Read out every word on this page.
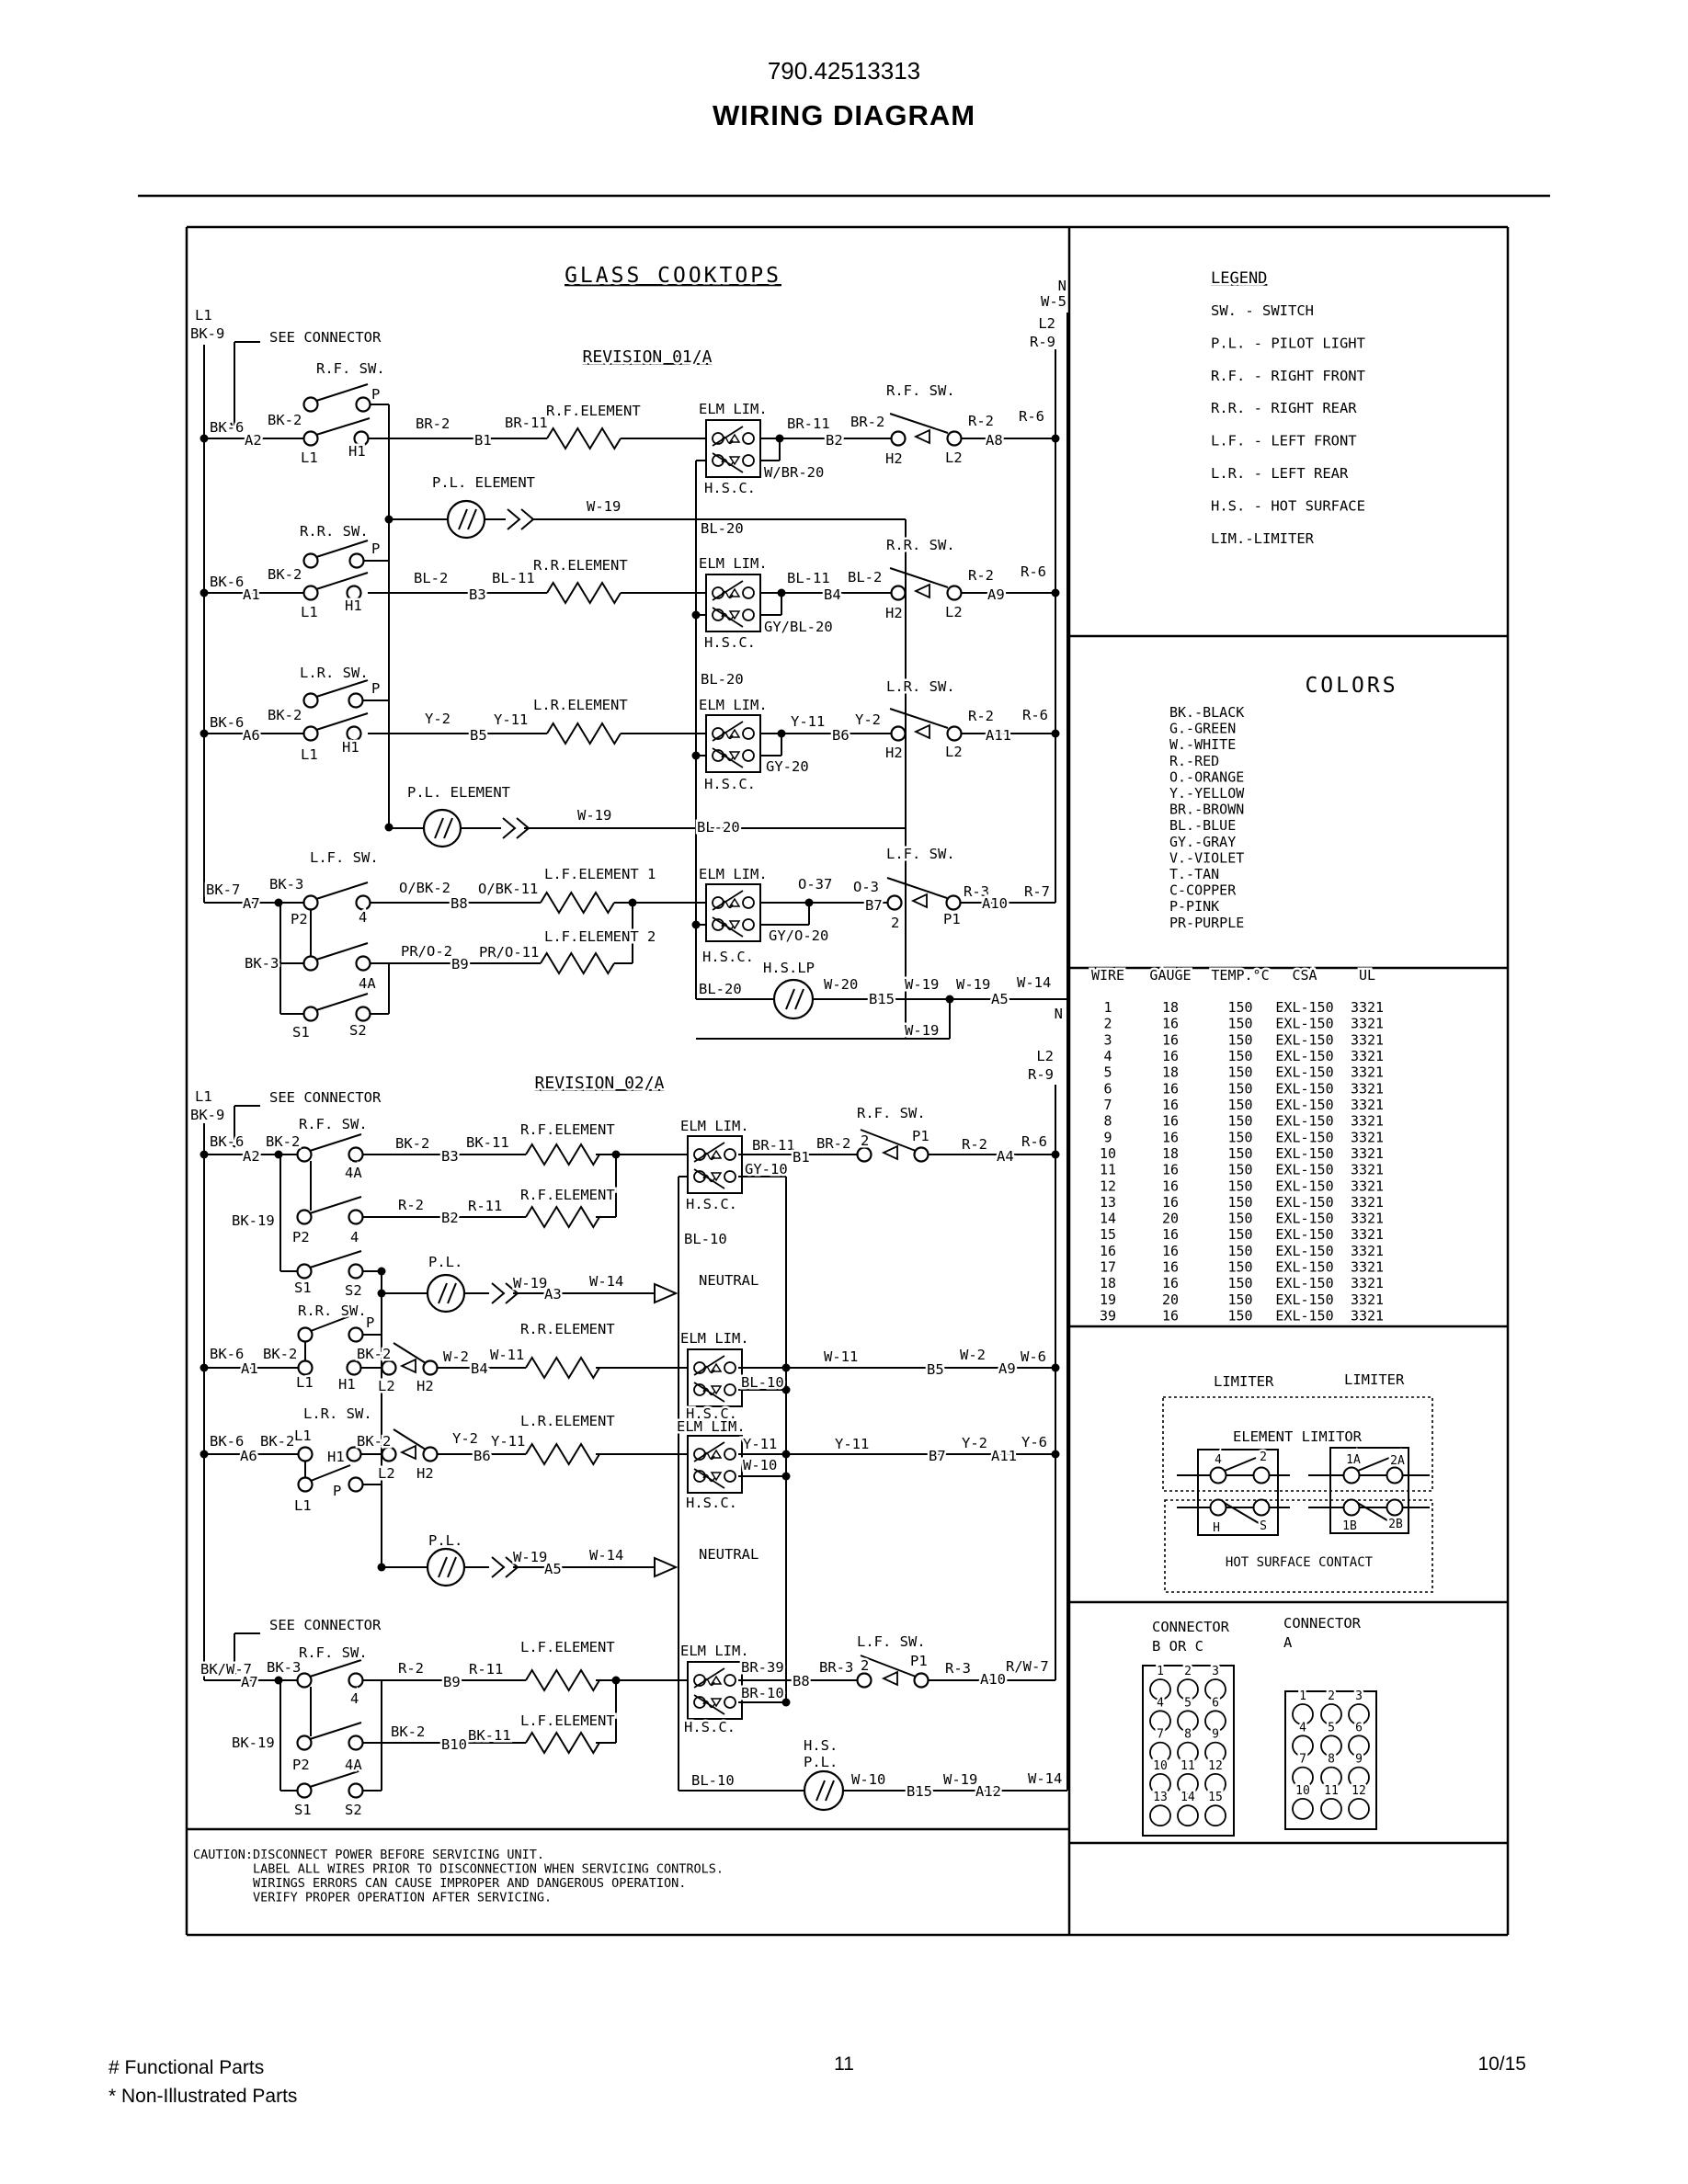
790.42513313
WIRING DIAGRAM
GLASS COOKTOPS
REVISION 01/A
L1
BK-9	SEE CONNECTOR
R.F. SW.
P
BK-2
BK-6
A2
L1 H1
BR-2
B1
BR-11
R.F.ELEMENT	ELM LIM.
H.S.C.
BR-11
B2
BR-2
R.F. SW.
H2	L2
R-2
A8
R-6
W/BR-20
N
W-5
L2
R-9
P.L. ELEMENT
W-19
BL-20
R.R. SW.
P
BK-2
BK-6
A1
L1 H1
BL-2
B3
BL-11
R.R.ELEMENT	ELM LIM.
H.S.C.
BL-11
B4
BL-2
R.R. SW.
H2	L2
R-2
A9
R-6
GY/BL-20
BL-20
L.R. SW.
P
BK-2
BK-6
A6
L1 H1
Y-2
B5
Y-11
L.R.ELEMENT	ELM LIM.
H.S.C.
Y-11
B6
Y-2
L.R. SW.
H2	L2
R-2
A11
R-6
GY-20
P.L. ELEMENT
W-19
BL-20
L.F. SW.
BK-7 BK-3
A7
P2	4
O/BK-2
B8
O/BK-11
L.F.ELEMENT 1
BK-3
4A
PR/O-2
B9
PR/O-11
L.F.ELEMENT 2
S1	S2
ELM LIM.
H.S.C.
O-37 O-3
B7
L.F. SW.
2	P1
R-3
A10
R-7
GY/O-20
H.S.LP
BL-20	W-20
B15
W-19 W-19
A5
W-14
N
W-19
L2
R-9
REVISION 02/A
L1
BK-9
SEE CONNECTOR
R.F. SW.
BK-6 BK-2
A2
4A
BK-2
B3
BK-11
R.F.ELEMENT	ELM LIM.
H.S.C.
BR-11
B1
BR-2 2
R.F. SW.
P1 R-2
A4
R-6
GY-10
BK-19
R-2
B2
R-11
R.F.ELEMENT
P2	4	BL-10
S1 S2
P.L.
W-19
A3
W-14	NEUTRAL
R.R. SW.
P
BK-6 BK-2
A1
L1 H1
BK-2
L2 H2
W-2
B4
W-11
R.R.ELEMENT
ELM LIM.
H.S.C.
BL-10
W-11
B5
W-2
A9
W-6
L.R. SW.
L1
BK-6 BK-2
A6	H1
BK-2
L2 H2
Y-2
B6
Y-11
L.R.ELEMENT	ELM LIM.
H.S.C.
Y-11
W-10
Y-11
B7
Y-2
A11
Y-6
P
L1
P.L.
W-19
A5
W-14	NEUTRAL
SEE CONNECTOR
R.F. SW.
BK/W-7 BK-3
A7
4
R-2
B9
R-11
L.F.ELEMENT	ELM LIM.
H.S.C.
BR-39
B8
BR-3 2
L.F. SW.
P1 R-3
A10
R/W-7
BR-10
BK-19
BK-2
B10
BK-11
L.F.ELEMENT
P2 4A
S1 S2
H.S.
P.L.
BL-10	W-10
B15
W-19
A12
W-14
LIMITER	LIMITER
ELEMENT LIMITOR
4	2
H	S
1A 2A
1B	2B
HOT SURFACE CONTACT
CONNECTOR
B OR C
CONNECTOR
A
LEGEND
SW. - SWITCH
P.L. - PILOT LIGHT
R.F. - RIGHT FRONT
R.R. - RIGHT REAR
L.F. - LEFT FRONT
L.R. - LEFT REAR
H.S. - HOT SURFACE
LIM.-LIMITER
COLORS
BK.-BLACK
G.-GREEN
W.-WHITE
R.-RED
O.-ORANGE
Y.-YELLOW
BR.-BROWN
BL.-BLUE
GY.-GRAY
V.-VIOLET
T.-TAN
C-COPPER
P-PINK
PR-PURPLE
WIRE GAUGE TEMP.°C CSA	UL
1	18	150 EXL-150 3321
2	16	150 EXL-150 3321
3	16	150 EXL-150 3321
4	16	150 EXL-150 3321
5	18	150 EXL-150 3321
6	16	150 EXL-150 3321
7	16	150 EXL-150 3321
8	16	150 EXL-150 3321
9	16	150 EXL-150 3321
10	18	150 EXL-150 3321
11	16	150 EXL-150 3321
12	16	150 EXL-150 3321
13	16	150 EXL-150 3321
14	20	150 EXL-150 3321
15	16	150 EXL-150 3321
16	16	150 EXL-150 3321
17	16	150 EXL-150 3321
18	16	150 EXL-150 3321
19	20	150 EXL-150 3321
39	16	150 EXL-150 3321
CAUTION:DISCONNECT POWER BEFORE SERVICING UNIT.
LABEL ALL WIRES PRIOR TO DISCONNECTION WHEN SERVICING CONTROLS.
WIRINGS ERRORS CAN CAUSE IMPROPER AND DANGEROUS OPERATION.
VERIFY PROPER OPERATION AFTER SERVICING.
1 2 3
4 5 6
7 8 9
10 11 12
13 14 15
1 2 3
4 5 6
7 8 9
10 11 12
# Functional Parts
* Non-Illustrated Parts
11	10/15
